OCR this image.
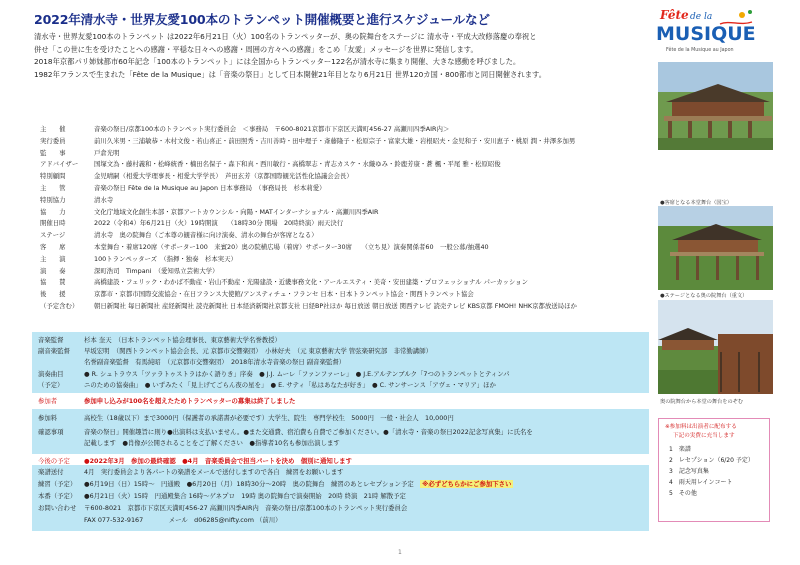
2022年清水寺・世界友愛100本のトランペット開催概要と進行スケジュールなど	Fête de la
MUSIQUE
Fête de la Musique au Japon
清水寺・世界友愛100本のトランペット は2022年6月21日（火）100名のトランペッターが、奥の院舞台をステージに 清水寺・平成大改修落慶の奉祝と
併せ「この世に生を受けたことへの感謝・平穏な日々への感謝・周囲の方々への感謝」をこめ「友愛」メッセージを世界に発信します。
2018年京都パリ姉妹都市60年記念「100本のトランペット」には全国からトランペッター122名が清水寺に集まり開催、大きな感動を呼びました。
1982年フランスで生まれた「Fête de la Musique」は「音楽の祭日」として日本開催21年目となり6月21日 世界120カ国・800都市と同日開催されます。
主　　催	音楽の祭日/京都100本のトランペット実行委員会　＜事務局　〒600-8021京都市下京区天満町456-27 高瀬川四季AIR内＞
実行委員	前川久米男・三浦敏恭・木村文俊・若山喜正・前田照秀・吉川善時・田中理子・斎藤隆子・松原宗子・富家大雄・岩根昭夫・金児和子・安川恵子・桃原 潤・井澤多加男
監　　事	戸倉光明
アドバイザー	国塚文為・藤村義和・松峰統香・楠田名保子・森下和真・西川敏行・高橋翠志・青志カスケ・水織ゆみ・鈴鹿芳康・蒼 楓・平尾 雅・松原昭俊
特別顧問	金児晴嗣（相愛大学理事長・相愛大学学長）　芦田玄芳（京都国際観光活性化協議会会長）
主　　管	音楽の祭日 Fête de la Musique au Japon 日本事務局　（事務局長　杉本莉愛）
特別協力	清水寺
協　　力	文化庁地域文化創生本部・京都アートカウンシル・向陽・MATインターナショナル・高瀬川四季AIR
開催日時	2022（令和4）年6月21日（火）19時開演　　（18時30分 開場　20時終演）雨天決行
ステージ	清水寺　奥の院舞台（ご本尊の観音様に向け演奏、清水の舞台が客席となる）
客　　席	本堂舞台・着席120席（サポーター100　来賓20）奥の院横広場（着席）サポーター30席　　（立ち見）演奏関係者60　一般公募/抽選40
主　　演	100トランペッターズ　（指揮・独奏　杉本実天）
演　　奏	深町浩司　Timpani　（愛知県立芸術大学）
協　　賛	高橋建設・フェリック・わかば不動産・岩山不動産・光陽建設・近畿事務文化・アールエスティ・美奇・安田建築・プロフェッショナル パーカッション
後　　援	京都市・京都市国際交流協会・在日フランス大使館/アンスティチュ・フランセ 日本・日本トランペット協会・関西トランペット協会
（予定含む）	朝日新聞社 毎日新聞社 産経新聞社 読売新聞社 日本経済新聞社京都支社 日経BP社ほか 毎日放送 朝日放送 関西テレビ 読売テレビ KBS京都 FMOH! NHK京都放送局ほか
音楽監督	杉本 奎天　（日本トランペット協会理事長、東京藝術大学名誉教授）
副音楽監督	早坂宏明　（関西トランペット協会会長、元 京都市交響楽団）　小林好夫　（元 東京藝術大学 管弦楽研究部　非常勤講師）
名誉副音楽監督　有馬純昭　（元京都市交響楽団）　2018年清水寺音楽の祭日 副音楽監督）
演奏曲目	● R. シュトラウス「ツァラトゥストラはかく語りき」序奏　● J.J. ムーレ「ファンファーレ」　● J.E.アルテンブルク「7つのトランペットとティンパ
（予定）	ニのための協奏曲」　● いずみたく「見上げてごらん夜の星を」　● E. サティ「私はあなたが好き」　● C. サンサーンス「アヴェ・マリア」ほか
参加者	参加申し込みが100名を超えたためトランペッターの募集は終了しました
参加料	高校生（18歳以下）まで3000円（保護者の承諾書が必要です）大学生、院生　専門学校生　5000円　一般・社会人　10,000円
確認事項	音楽の祭日」開催趣旨に則り●出演料は支払いません。●また交通費、宿泊費も自費でご参加ください。●「清水寺・音楽の祭日2022記念写真集」に氏名を
記載します　●肖像が公開されることをご了解ください　●指導者10名も参加出演します
今後の予定 ●2022年3月　参加の最終確認　●4月　音楽委員会で担当パートを決め　個別に通知します
楽譜送付	4月　実行委員会より各パートの楽譜をメールで送付しますので各自　練習をお願いします
練習（予定） ●6月19日（日）15時～　円通殿　●6月20日（月）18時30分～20時　奥の院舞台　練習のあとレセプション予定　※必ずどちらかにご参加下さい
本番（予定） ●6月21日（火）15時　円通殿集合 16時～ゲネプロ　19時 奥の院舞台で演奏開始　20時 終演　21時 解散予定
お問い合わせ 〒600-8021　京都市下京区天満町456-27 高瀬川四季AIR内　音楽の祭日/京都100本のトランペット実行委員会
FAX 077-532-9167　　　　メール　d06285@nifty.com （前川）
●客席となる本堂舞台（国宝）
●ステージとなる奥の院舞台（重文）
奥の院舞台から本堂の舞台をのぞむ
※参加料は出演者に配布する
下記の実費に充当します
1　楽譜
2　レセプション（6/20 予定）
3　記念写真集
4　雨天用レインコート
5　その他
1
